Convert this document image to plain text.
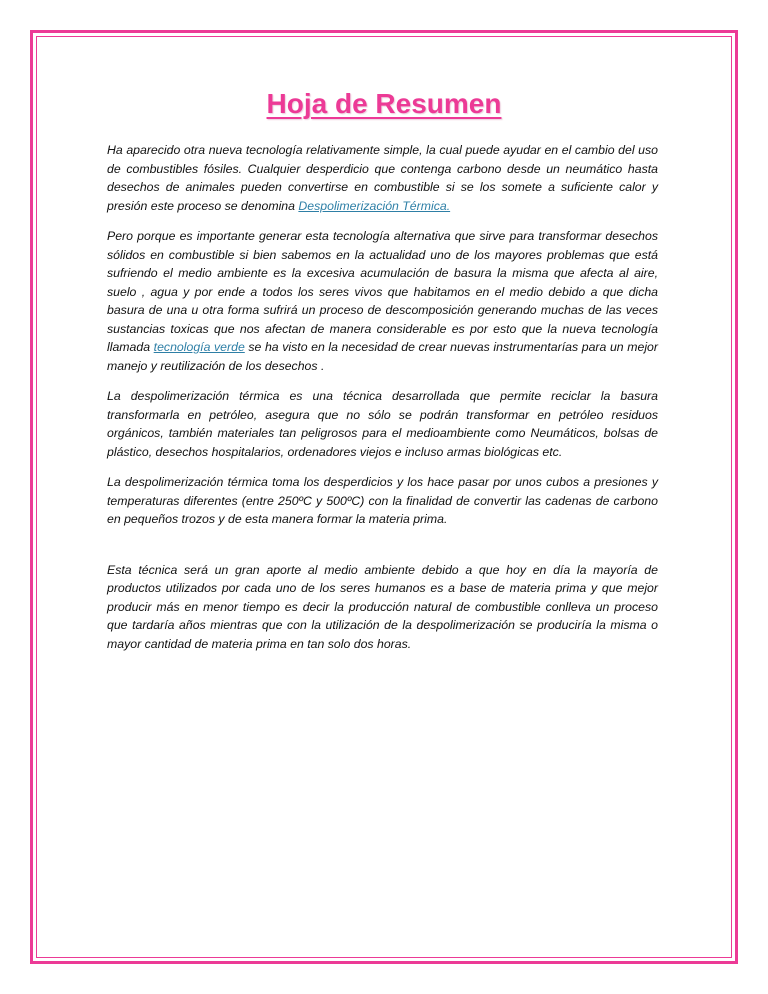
Hoja de Resumen

Ha aparecido otra nueva tecnología relativamente simple, la cual puede ayudar en el cambio del uso de combustibles fósiles. Cualquier desperdicio que contenga carbono desde un neumático hasta desechos de animales pueden convertirse en combustible si se los somete a suficiente calor y presión este proceso se denomina Despolimerización Térmica.

Pero porque es importante generar esta tecnología alternativa que sirve para transformar desechos sólidos en combustible si bien sabemos en la actualidad uno de los mayores problemas que está sufriendo el medio ambiente es la excesiva acumulación de basura la misma que afecta al aire, suelo , agua y por ende a todos los seres vivos que habitamos en el medio debido a que dicha basura de una u otra forma sufrirá un proceso de descomposición generando muchas de las veces sustancias toxicas que nos afectan de manera considerable es por esto que la nueva tecnología llamada tecnología verde se ha visto en la necesidad de crear nuevas instrumentarías para un mejor manejo y reutilización de los desechos .

La despolimerización térmica es una técnica desarrollada que permite reciclar la basura transformarla en petróleo, asegura que no sólo se podrán transformar en petróleo residuos orgánicos, también materiales tan peligrosos para el medioambiente como Neumáticos, bolsas de plástico, desechos hospitalarios, ordenadores viejos e incluso armas biológicas etc.

La despolimerización térmica toma los desperdicios y los hace pasar por unos cubos a presiones y temperaturas diferentes (entre 250ºC y 500ºC) con la finalidad de convertir las cadenas de carbono en pequeños trozos y de esta manera formar la materia prima.

Esta técnica será un gran aporte al medio ambiente debido a que hoy en día la mayoría de productos utilizados por cada uno de los seres humanos es a base de materia prima y que mejor producir más en menor tiempo es decir la producción natural de combustible conlleva un proceso que tardaría años mientras que con la utilización de la despolimerización se produciría la misma o mayor cantidad de materia prima en tan solo dos horas.
